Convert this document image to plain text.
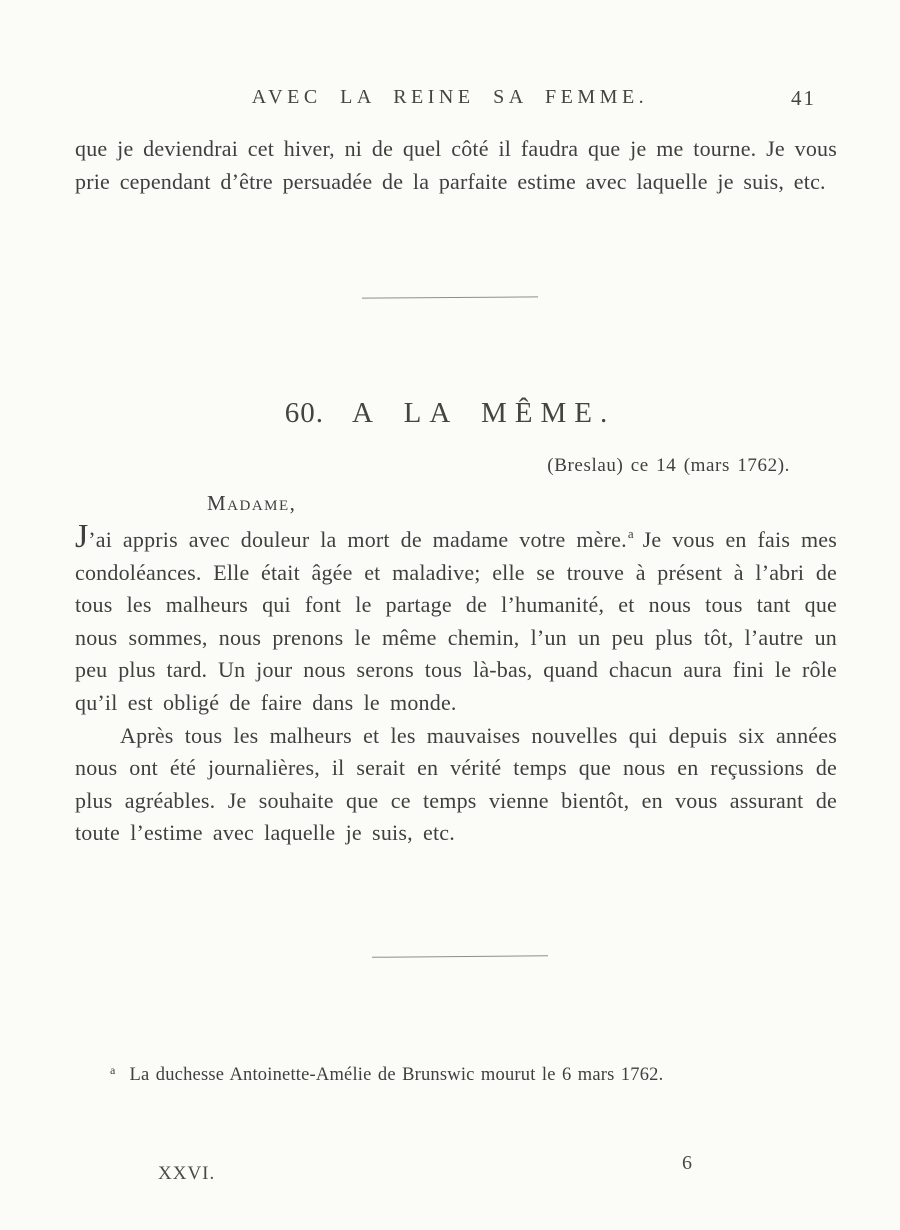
AVEC LA REINE SA FEMME.	41

que je deviendrai cet hiver, ni de quel côté il faudra que je me tourne. Je vous prie cependant d’être persuadée de la parfaite estime avec laquelle je suis, etc.

60. A LA MÊME.
(Breslau) ce 14 (mars 1762).
Madame,

J’ai appris avec douleur la mort de madame votre mère.$^a$ Je vous en fais mes condoléances. Elle était âgée et maladive; elle se trouve à présent à l’abri de tous les malheurs qui font le partage de l’humanité, et nous tous tant que nous sommes, nous prenons le même chemin, l’un un peu plus tôt, l’autre un peu plus tard. Un jour nous serons tous là-bas, quand chacun aura fini le rôle qu’il est obligé de faire dans le monde.

Après tous les malheurs et les mauvaises nouvelles qui depuis six années nous ont été journalières, il serait en vérité temps que nous en reçussions de plus agréables. Je souhaite que ce temps vienne bientôt, en vous assurant de toute l’estime avec laquelle je suis, etc.

$^a$ La duchesse Antoinette-Amélie de Brunswic mourut le 6 mars 1762.
XXVI.	6
